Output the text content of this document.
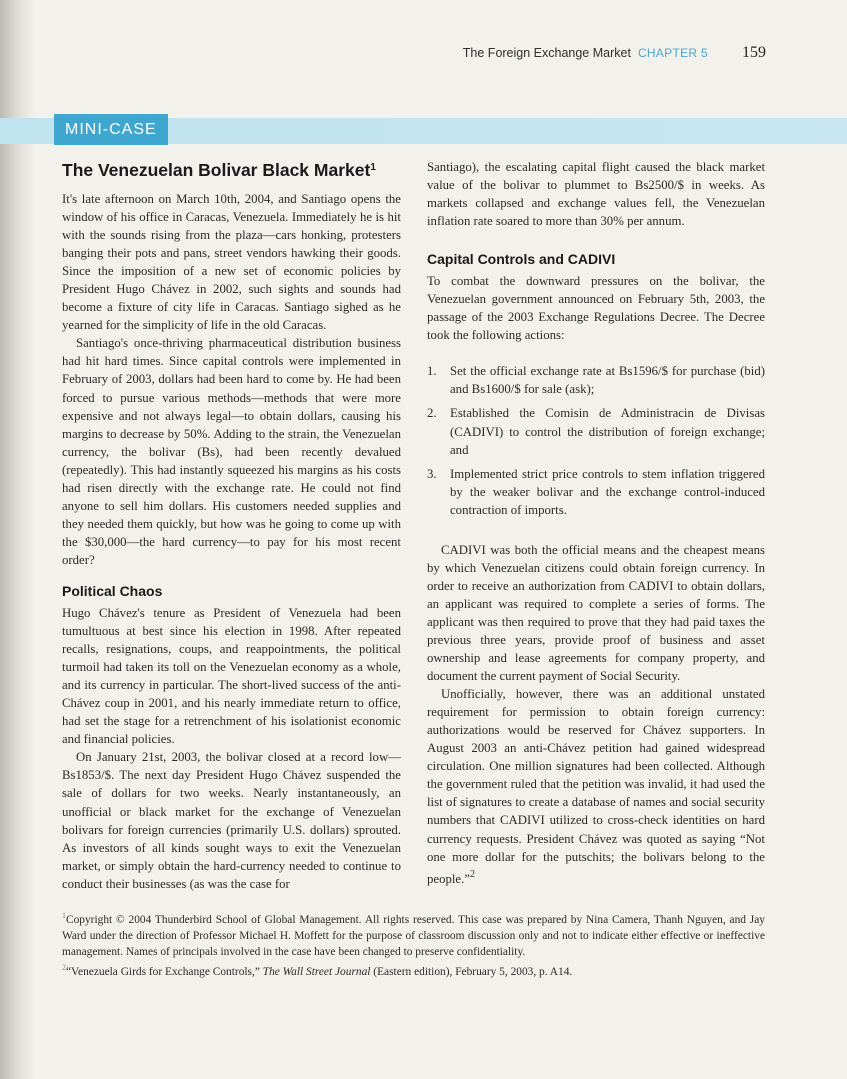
The Foreign Exchange Market CHAPTER 5 159
MINI-CASE
The Venezuelan Bolivar Black Market$^1$

It's late afternoon on March 10th, 2004, and Santiago opens the window of his office in Caracas, Venezuela. Immediately he is hit with the sounds rising from the plaza—cars honking, protesters banging their pots and pans, street vendors hawking their goods. Since the imposition of a new set of economic policies by President Hugo Chávez in 2002, such sights and sounds had become a fixture of city life in Caracas. Santiago sighed as he yearned for the simplicity of life in the old Caracas.

Santiago's once-thriving pharmaceutical distribution business had hit hard times. Since capital controls were implemented in February of 2003, dollars had been hard to come by. He had been forced to pursue various methods—methods that were more expensive and not always legal—to obtain dollars, causing his margins to decrease by 50%. Adding to the strain, the Venezuelan currency, the bolivar (Bs), had been recently devalued (repeatedly). This had instantly squeezed his margins as his costs had risen directly with the exchange rate. He could not find anyone to sell him dollars. His customers needed supplies and they needed them quickly, but how was he going to come up with the $30,000—the hard currency—to pay for his most recent order?

Political Chaos

Hugo Chávez's tenure as President of Venezuela had been tumultuous at best since his election in 1998. After repeated recalls, resignations, coups, and reappointments, the political turmoil had taken its toll on the Venezuelan economy as a whole, and its currency in particular. The short-lived success of the anti-Chávez coup in 2001, and his nearly immediate return to office, had set the stage for a retrenchment of his isolationist economic and financial policies.

On January 21st, 2003, the bolivar closed at a record low—Bs1853/$. The next day President Hugo Chávez suspended the sale of dollars for two weeks. Nearly instantaneously, an unofficial or black market for the exchange of Venezuelan bolivars for foreign currencies (primarily U.S. dollars) sprouted. As investors of all kinds sought ways to exit the Venezuelan market, or simply obtain the hard-currency needed to continue to conduct their businesses (as was the case for

Santiago), the escalating capital flight caused the black market value of the bolivar to plummet to Bs2500/$ in weeks. As markets collapsed and exchange values fell, the Venezuelan inflation rate soared to more than 30% per annum.

Capital Controls and CADIVI

To combat the downward pressures on the bolivar, the Venezuelan government announced on February 5th, 2003, the passage of the 2003 Exchange Regulations Decree. The Decree took the following actions:

1. Set the official exchange rate at Bs1596/$ for purchase (bid) and Bs1600/$ for sale (ask);
2. Established the Comisin de Administracin de Divisas (CADIVI) to control the distribution of foreign exchange; and
3. Implemented strict price controls to stem inflation triggered by the weaker bolivar and the exchange control-induced contraction of imports.

CADIVI was both the official means and the cheapest means by which Venezuelan citizens could obtain foreign currency. In order to receive an authorization from CADIVI to obtain dollars, an applicant was required to complete a series of forms. The applicant was then required to prove that they had paid taxes the previous three years, provide proof of business and asset ownership and lease agreements for company property, and document the current payment of Social Security.

Unofficially, however, there was an additional unstated requirement for permission to obtain foreign currency: authorizations would be reserved for Chávez supporters. In August 2003 an anti-Chávez petition had gained widespread circulation. One million signatures had been collected. Although the government ruled that the petition was invalid, it had used the list of signatures to create a database of names and social security numbers that CADIVI utilized to cross-check identities on hard currency requests. President Chávez was quoted as saying “Not one more dollar for the putschits; the bolivars belong to the people.”$^2$

$^1$Copyright © 2004 Thunderbird School of Global Management. All rights reserved. This case was prepared by Nina Camera, Thanh Nguyen, and Jay Ward under the direction of Professor Michael H. Moffett for the purpose of classroom discussion only and not to indicate either effective or ineffective management. Names of principals involved in the case have been changed to preserve confidentiality.

$^2$“Venezuela Girds for Exchange Controls,” The Wall Street Journal (Eastern edition), February 5, 2003, p. A14.
